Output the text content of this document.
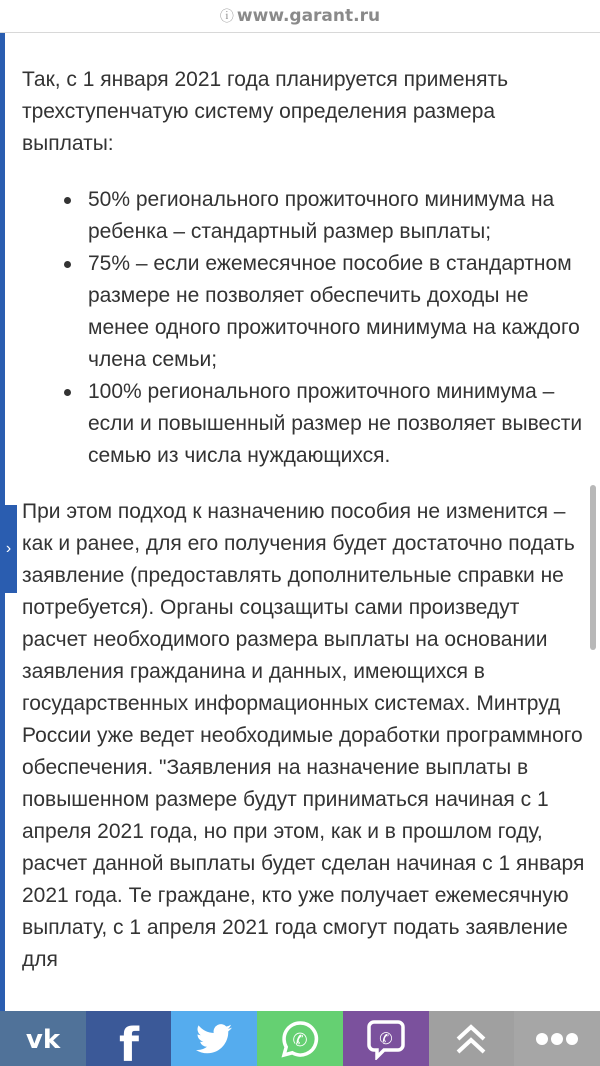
ⓘ www.garant.ru
›

Так, с 1 января 2021 года планируется применять трехступенчатую систему определения размера выплаты:

50% регионального прожиточного минимума на ребенка – стандартный размер выплаты;
75% – если ежемесячное пособие в стандартном размере не позволяет обеспечить доходы не менее одного прожиточного минимума на каждого члена семьи;
100% регионального прожиточного минимума – если и повышенный размер не позволяет вывести семью из числа нуждающихся.

При этом подход к назначению пособия не изменится – как и ранее, для его получения будет достаточно подать заявление (предоставлять дополнительные справки не потребуется). Органы соцзащиты сами произведут расчет необходимого размера выплаты на основании заявления гражданина и данных, имеющихся в государственных информационных системах. Минтруд России уже ведет необходимые доработки программного обеспечения. "Заявления на назначение выплаты в повышенном размере будут приниматься начиная с 1 апреля 2021 года, но при этом, как и в прошлом году, расчет данной выплаты будет сделан начиная с 1 января 2021 года. Те граждане, кто уже получает ежемесячную выплату, с 1 апреля 2021 года смогут подать заявление для

vk f	✆	✆
